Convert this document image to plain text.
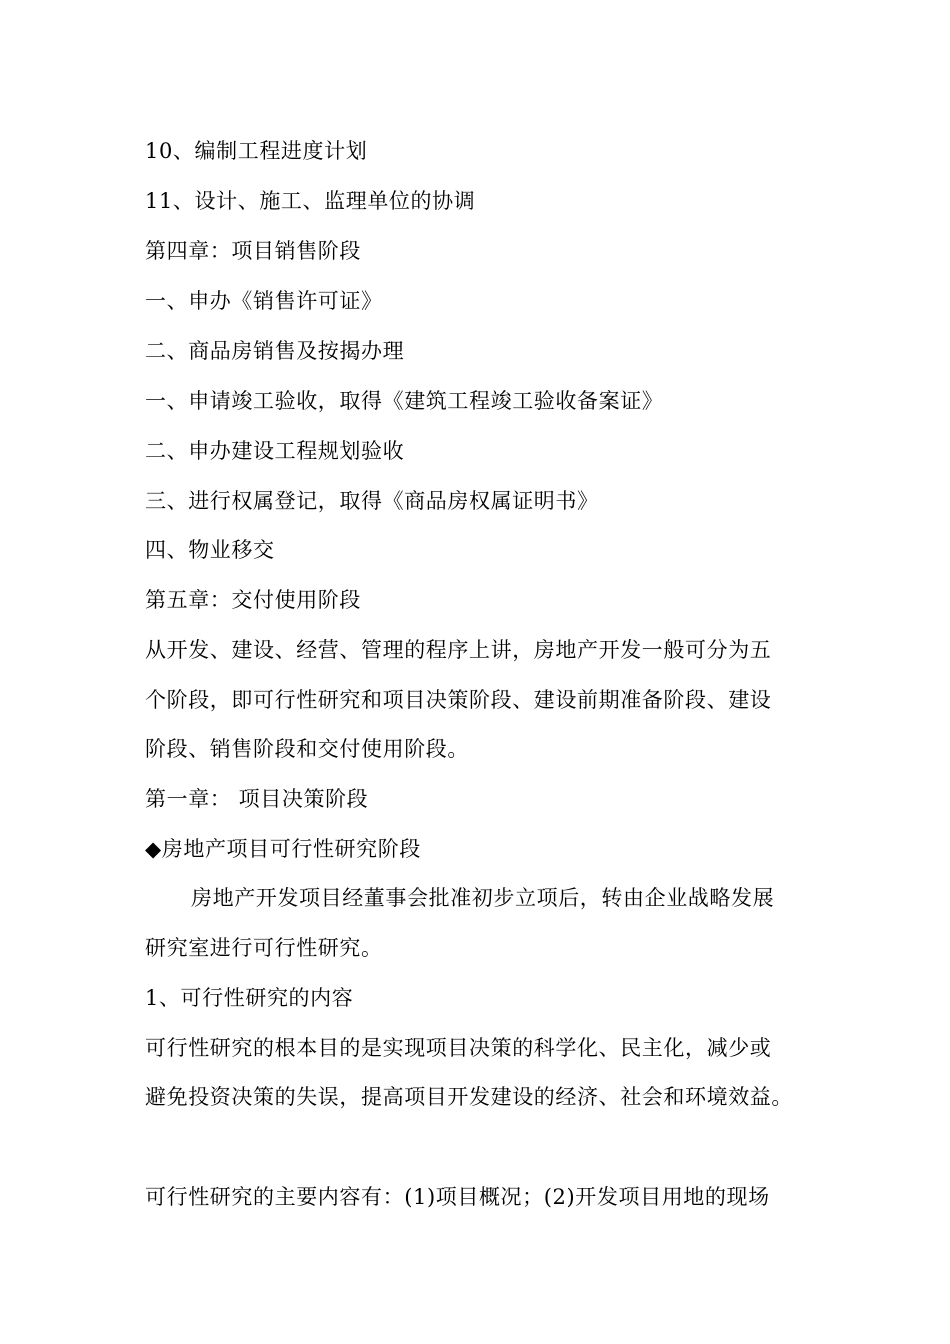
10、编制工程进度计划
11、设计、施工、监理单位的协调
第四章：项目销售阶段
一、申办《销售许可证》
二、商品房销售及按揭办理
一、申请竣工验收，取得《建筑工程竣工验收备案证》
二、申办建设工程规划验收
三、进行权属登记，取得《商品房权属证明书》
四、物业移交
第五章：交付使用阶段
从开发、建设、经营、管理的程序上讲，房地产开发一般可分为五
个阶段，即可行性研究和项目决策阶段、建设前期准备阶段、建设
阶段、销售阶段和交付使用阶段。
第一章： 项目决策阶段
◆房地产项目可行性研究阶段
房地产开发项目经董事会批准初步立项后，转由企业战略发展
研究室进行可行性研究。
1、可行性研究的内容
可行性研究的根本目的是实现项目决策的科学化、民主化，减少或
避免投资决策的失误，提高项目开发建设的经济、社会和环境效益。
可行性研究的主要内容有：(1)项目概况；(2)开发项目用地的现场
